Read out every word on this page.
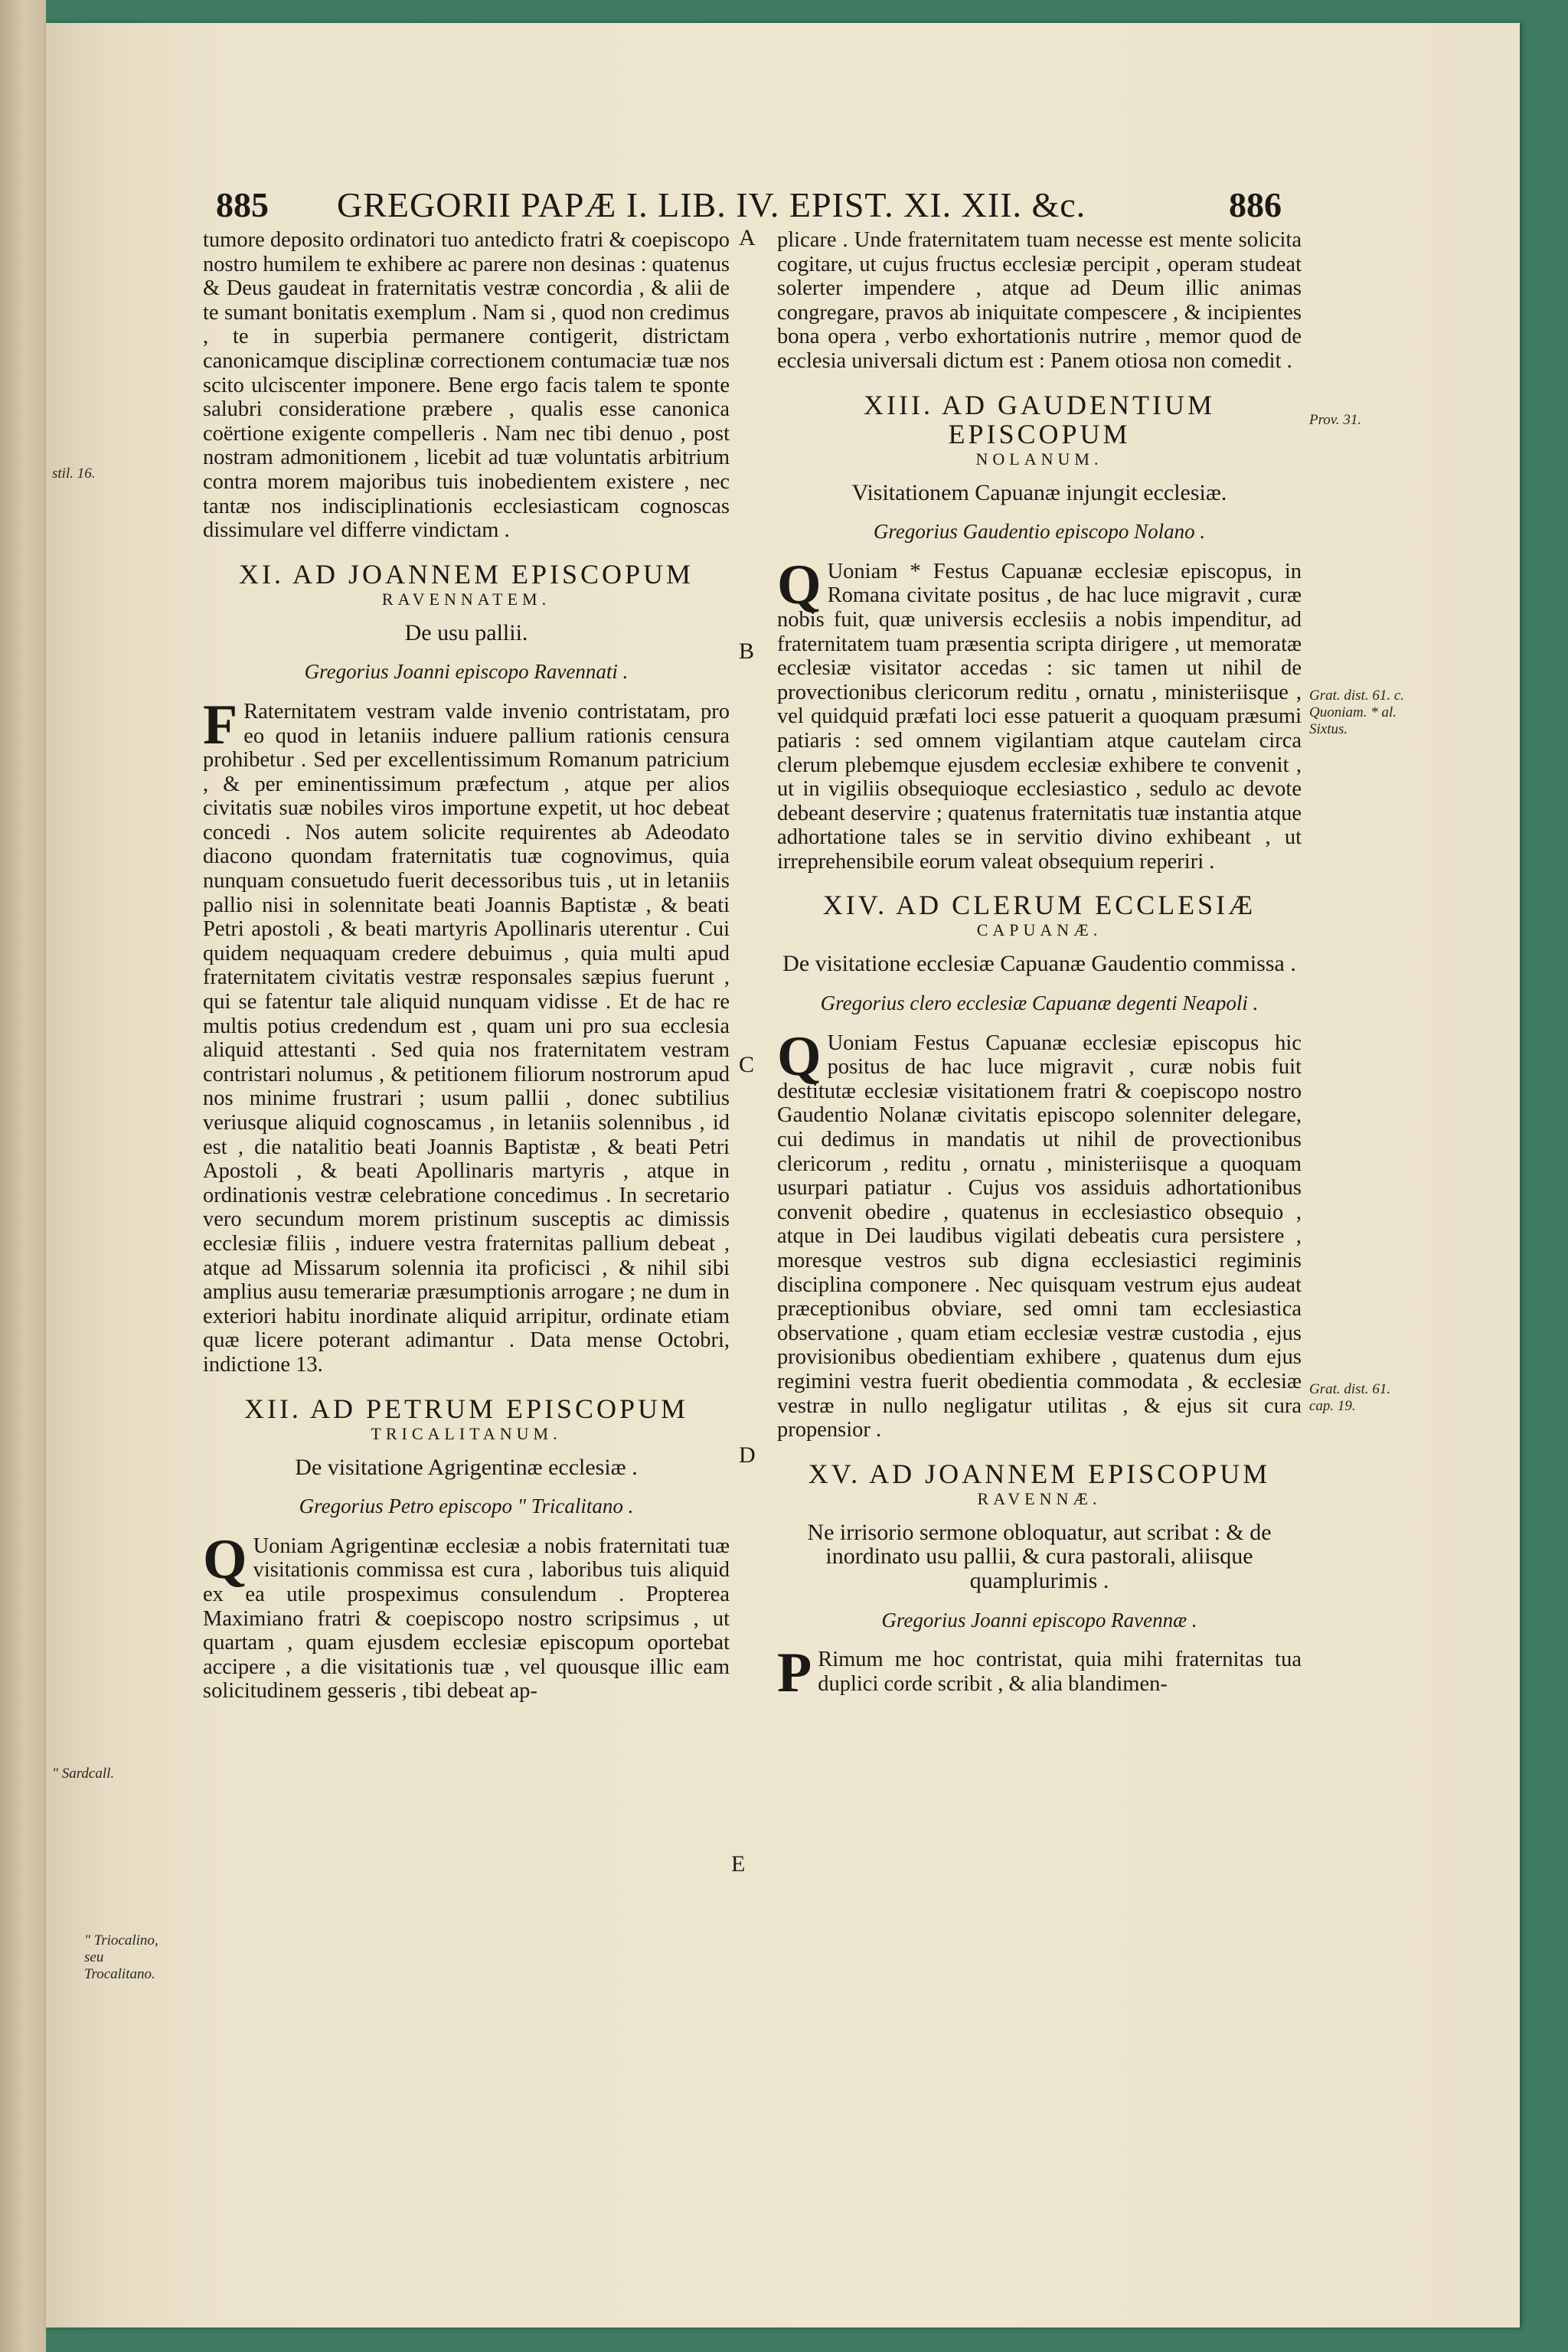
885 GREGORII PAPÆ I. LIB. IV. EPIST. XI. XII. &c.	886
A
B
C
D
E
stil. 16.
" Sardcall.
" Triocalino, seu Trocalitano.
Prov. 31.
Grat. dist. 61. c. Quoniam. * al. Sixtus.
Grat. dist. 61. cap. 19.

tumore deposito ordinatori tuo antedicto fratri & coepiscopo nostro humilem te exhibere ac parere non desinas : quatenus & Deus gaudeat in fraternitatis vestræ concordia , & alii de te sumant bonitatis exemplum . Nam si , quod non credimus , te in superbia permanere contigerit, districtam canonicamque disciplinæ correctionem contumaciæ tuæ nos scito ulciscenter imponere. Bene ergo facis talem te sponte salubri consideratione præbere , qualis esse canonica coërtione exigente compelleris . Nam nec tibi denuo , post nostram admonitionem , licebit ad tuæ voluntatis arbitrium contra morem majoribus tuis inobedientem existere , nec tantæ nos indisciplinationis ecclesiasticam cognoscas dissimulare vel differre vindictam .

XI. AD JOANNEM EPISCOPUM
RAVENNATEM.
De usu pallii.
Gregorius Joanni episcopo Ravennati .

F Raternitatem vestram valde invenio contristatam, pro eo quod in letaniis induere pallium rationis censura prohibetur . Sed per excellentissimum Romanum patricium , & per eminentissimum præfectum , atque per alios civitatis suæ nobiles viros importune expetit, ut hoc debeat concedi . Nos autem solicite requirentes ab Adeodato diacono quondam fraternitatis tuæ cognovimus, quia nunquam consuetudo fuerit decessoribus tuis , ut in letaniis pallio nisi in solennitate beati Joannis Baptistæ , & beati Petri apostoli , & beati martyris Apollinaris uterentur . Cui quidem nequaquam credere debuimus , quia multi apud fraternitatem civitatis vestræ responsales sæpius fuerunt , qui se fatentur tale aliquid nunquam vidisse . Et de hac re multis potius credendum est , quam uni pro sua ecclesia aliquid attestanti . Sed quia nos fraternitatem vestram contristari nolumus , & petitionem filiorum nostrorum apud nos minime frustrari ; usum pallii , donec subtilius veriusque aliquid cognoscamus , in letaniis solennibus , id est , die natalitio beati Joannis Baptistæ , & beati Petri Apostoli , & beati Apollinaris martyris , atque in ordinationis vestræ celebratione concedimus . In secretario vero secundum morem pristinum susceptis ac dimissis ecclesiæ filiis , induere vestra fraternitas pallium debeat , atque ad Missarum solennia ita proficisci , & nihil sibi amplius ausu temerariæ præsumptionis arrogare ; ne dum in exteriori habitu inordinate aliquid arripitur, ordinate etiam quæ licere poterant adimantur . Data mense Octobri, indictione 13.

XII. AD PETRUM EPISCOPUM
TRICALITANUM.
De visitatione Agrigentinæ ecclesiæ .
Gregorius Petro episcopo " Tricalitano .

Q Uoniam Agrigentinæ ecclesiæ a nobis fraternitati tuæ visitationis commissa est cura , laboribus tuis aliquid ex ea utile prospeximus consulendum . Propterea Maximiano fratri & coepiscopo nostro scripsimus , ut quartam , quam ejusdem ecclesiæ episcopum oportebat accipere , a die visitationis tuæ , vel quousque illic eam solicitudinem gesseris , tibi debeat ap-

plicare . Unde fraternitatem tuam necesse est mente solicita cogitare, ut cujus fructus ecclesiæ percipit , operam studeat solerter impendere , atque ad Deum illic animas congregare, pravos ab iniquitate compescere , & incipientes bona opera , verbo exhortationis nutrire , memor quod de ecclesia universali dictum est : Panem otiosa non comedit .

XIII. AD GAUDENTIUM EPISCOPUM
NOLANUM.
Visitationem Capuanæ injungit ecclesiæ.
Gregorius Gaudentio episcopo Nolano .

Q Uoniam * Festus Capuanæ ecclesiæ episcopus, in Romana civitate positus , de hac luce migravit , curæ nobis fuit, quæ universis ecclesiis a nobis impenditur, ad fraternitatem tuam præsentia scripta dirigere , ut memoratæ ecclesiæ visitator accedas : sic tamen ut nihil de provectionibus clericorum reditu , ornatu , ministeriisque , vel quidquid præfati loci esse patuerit a quoquam præsumi patiaris : sed omnem vigilantiam atque cautelam circa clerum plebemque ejusdem ecclesiæ exhibere te convenit , ut in vigiliis obsequioque ecclesiastico , sedulo ac devote debeant deservire ; quatenus fraternitatis tuæ instantia atque adhortatione tales se in servitio divino exhibeant , ut irreprehensibile eorum valeat obsequium reperiri .

XIV. AD CLERUM ECCLESIÆ
CAPUANÆ.
De visitatione ecclesiæ Capuanæ Gaudentio commissa .
Gregorius clero ecclesiæ Capuanæ degenti Neapoli .

Q Uoniam Festus Capuanæ ecclesiæ episcopus hic positus de hac luce migravit , curæ nobis fuit destitutæ ecclesiæ visitationem fratri & coepiscopo nostro Gaudentio Nolanæ civitatis episcopo solenniter delegare, cui dedimus in mandatis ut nihil de provectionibus clericorum , reditu , ornatu , ministeriisque a quoquam usurpari patiatur . Cujus vos assiduis adhortationibus convenit obedire , quatenus in ecclesiastico obsequio , atque in Dei laudibus vigilati debeatis cura persistere , moresque vestros sub digna ecclesiastici regiminis disciplina componere . Nec quisquam vestrum ejus audeat præceptionibus obviare, sed omni tam ecclesiastica observatione , quam etiam ecclesiæ vestræ custodia , ejus provisionibus obedientiam exhibere , quatenus dum ejus regimini vestra fuerit obedientia commodata , & ecclesiæ vestræ in nullo negligatur utilitas , & ejus sit cura propensior .

XV. AD JOANNEM EPISCOPUM
RAVENNÆ.
Ne irrisorio sermone obloquatur, aut scribat : & de inordinato usu pallii, & cura pastorali, aliisque quamplurimis .
Gregorius Joanni episcopo Ravennæ .

P Rimum me hoc contristat, quia mihi fraternitas tua duplici corde scribit , & alia blandimen-
